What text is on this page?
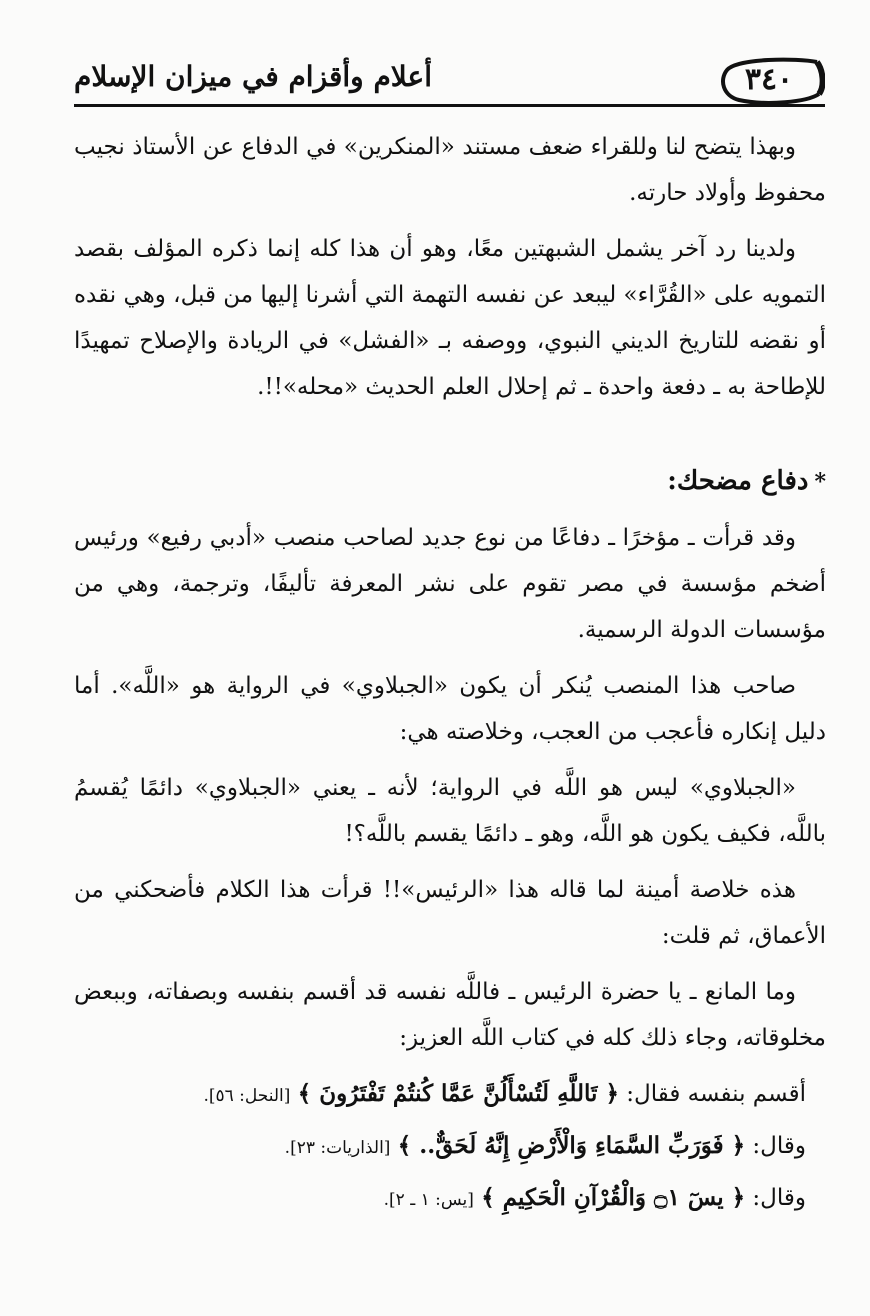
٣٤٠
أعلام وأقزام في ميزان الإسلام

وبهذا يتضح لنا وللقراء ضعف مستند «المنكرين» في الدفاع عن الأستاذ نجيب محفوظ وأولاد حارته.

ولدينا رد آخر يشمل الشبهتين معًا، وهو أن هذا كله إنما ذكره المؤلف بقصد التمويه على «القُرَّاء» ليبعد عن نفسه التهمة التي أشرنا إليها من قبل، وهي نقده أو نقضه للتاريخ الديني النبوي، ووصفه بـ «الفشل» في الريادة والإصلاح تمهيدًا للإطاحة به ـ دفعة واحدة ـ ثم إحلال العلم الحديث «محله»!!.

*دفاع مضحك:

وقد قرأت ـ مؤخرًا ـ دفاعًا من نوع جديد لصاحب منصب «أدبي رفيع» ورئيس أضخم مؤسسة في مصر تقوم على نشر المعرفة تأليفًا، وترجمة، وهي من مؤسسات الدولة الرسمية.

صاحب هذا المنصب يُنكر أن يكون «الجبلاوي» في الرواية هو «اللَّه». أما دليل إنكاره فأعجب من العجب، وخلاصته هي:

«الجبلاوي» ليس هو اللَّه في الرواية؛ لأنه ـ يعني «الجبلاوي» دائمًا يُقسمُ باللَّه، فكيف يكون هو اللَّه، وهو ـ دائمًا يقسم باللَّه؟!

هذه خلاصة أمينة لما قاله هذا «الرئيس»!! قرأت هذا الكلام فأضحكني من الأعماق، ثم قلت:

وما المانع ـ يا حضرة الرئيس ـ فاللَّه نفسه قد أقسم بنفسه وبصفاته، وببعض مخلوقاته، وجاء ذلك كله في كتاب اللَّه العزيز:

أقسم بنفسه فقال: ﴿ تَاللَّهِ لَتُسْأَلُنَّ عَمَّا كُنتُمْ تَفْتَرُونَ ﴾ [النحل: ٥٦].

وقال: ﴿ فَوَرَبِّ السَّمَاءِ وَالْأَرْضِ إِنَّهُ لَحَقٌّ.. ﴾ [الذاريات: ٢٣].

وقال: ﴿ يسٓ ۝١ وَالْقُرْآنِ الْحَكِيمِ ﴾ [يس: ١ ـ ٢].
